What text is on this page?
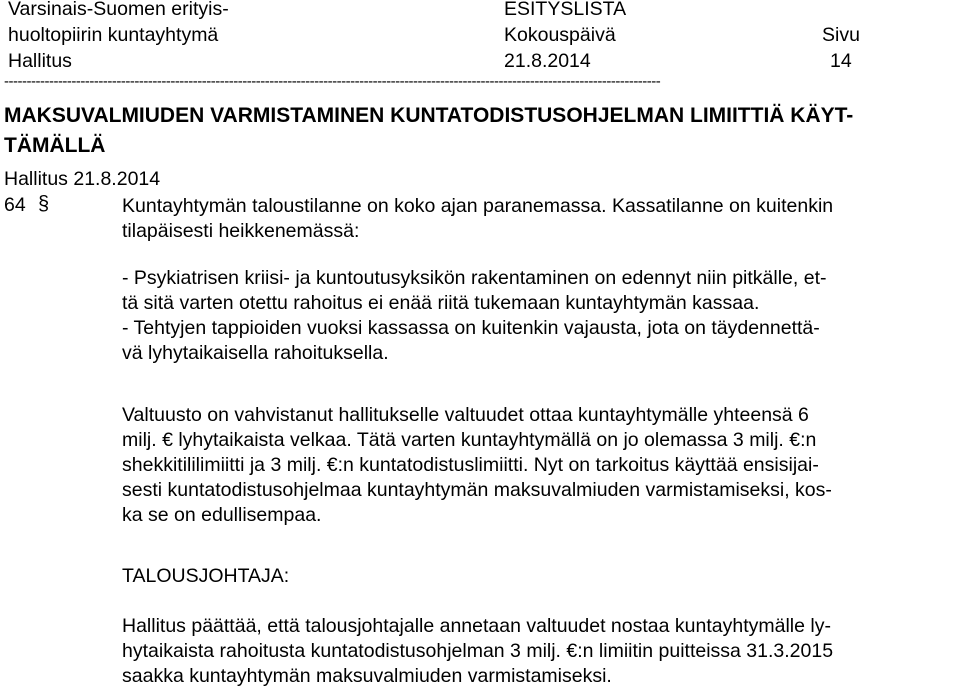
Varsinais-Suomen erityis-
huoltopiirin kuntayhtymä
Hallitus
ESITYSLISTA
Kokouspäivä
21.8.2014
Sivu
14
--------------------------------------------------------------------------------------------------------------------------------------------------
MAKSUVALMIUDEN VARMISTAMINEN KUNTATODISTUSOHJELMAN LIMIITTIÄ KÄYT-
TÄMÄLLÄ
Hallitus 21.8.2014
64 §	Kuntayhtymän taloustilanne on koko ajan paranemassa. Kassatilanne on kuitenkin
tilapäisesti heikkenemässä:
- Psykiatrisen kriisi- ja kuntoutusyksikön rakentaminen on edennyt niin pitkälle, et-
tä sitä varten otettu rahoitus ei enää riitä tukemaan kuntayhtymän kassaa.
- Tehtyjen tappioiden vuoksi kassassa on kuitenkin vajausta, jota on täydennettä-
vä lyhytaikaisella rahoituksella.
Valtuusto on vahvistanut hallitukselle valtuudet ottaa kuntayhtymälle yhteensä 6
milj. € lyhytaikaista velkaa. Tätä varten kuntayhtymällä on jo olemassa 3 milj. €:n
shekkitililimiitti ja 3 milj. €:n kuntatodistuslimiitti. Nyt on tarkoitus käyttää ensisijai-
sesti kuntatodistusohjelmaa kuntayhtymän maksuvalmiuden varmistamiseksi, kos-
ka se on edullisempaa.
TALOUSJOHTAJA:
Hallitus päättää, että talousjohtajalle annetaan valtuudet nostaa kuntayhtymälle ly-
hytaikaista rahoitusta kuntatodistusohjelman 3 milj. €:n limiitin puitteissa 31.3.2015
saakka kuntayhtymän maksuvalmiuden varmistamiseksi.
